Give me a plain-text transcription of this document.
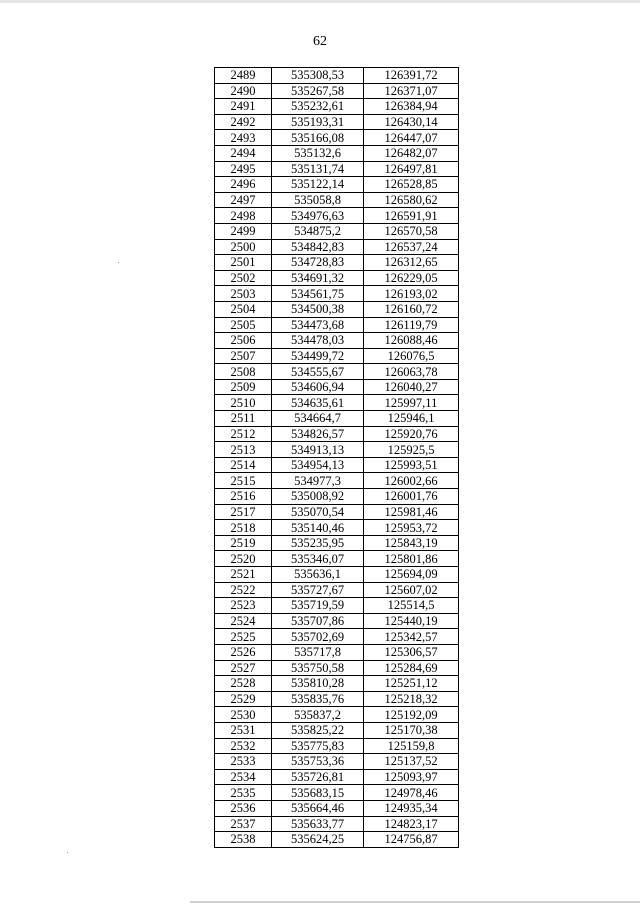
62
2489	535308,53	126391,72
2490	535267,58	126371,07
2491	535232,61	126384,94
2492	535193,31	126430,14
2493	535166,08	126447,07
2494	535132,6	126482,07
2495	535131,74	126497,81
2496	535122,14	126528,85
2497	535058,8	126580,62
2498	534976,63	126591,91
2499	534875,2	126570,58
2500	534842,83	126537,24
2501	534728,83	126312,65
2502	534691,32	126229,05
2503	534561,75	126193,02
2504	534500,38	126160,72
2505	534473,68	126119,79
2506	534478,03	126088,46
2507	534499,72	126076,5
2508	534555,67	126063,78
2509	534606,94	126040,27
2510	534635,61	125997,11
2511	534664,7	125946,1
2512	534826,57	125920,76
2513	534913,13	125925,5
2514	534954,13	125993,51
2515	534977,3	126002,66
2516	535008,92	126001,76
2517	535070,54	125981,46
2518	535140,46	125953,72
2519	535235,95	125843,19
2520	535346,07	125801,86
2521	535636,1	125694,09
2522	535727,67	125607,02
2523	535719,59	125514,5
2524	535707,86	125440,19
2525	535702,69	125342,57
2526	535717,8	125306,57
2527	535750,58	125284,69
2528	535810,28	125251,12
2529	535835,76	125218,32
2530	535837,2	125192,09
2531	535825,22	125170,38
2532	535775,83	125159,8
2533	535753,36	125137,52
2534	535726,81	125093,97
2535	535683,15	124978,46
2536	535664,46	124935,34
2537	535633,77	124823,17
2538	535624,25	124756,87
